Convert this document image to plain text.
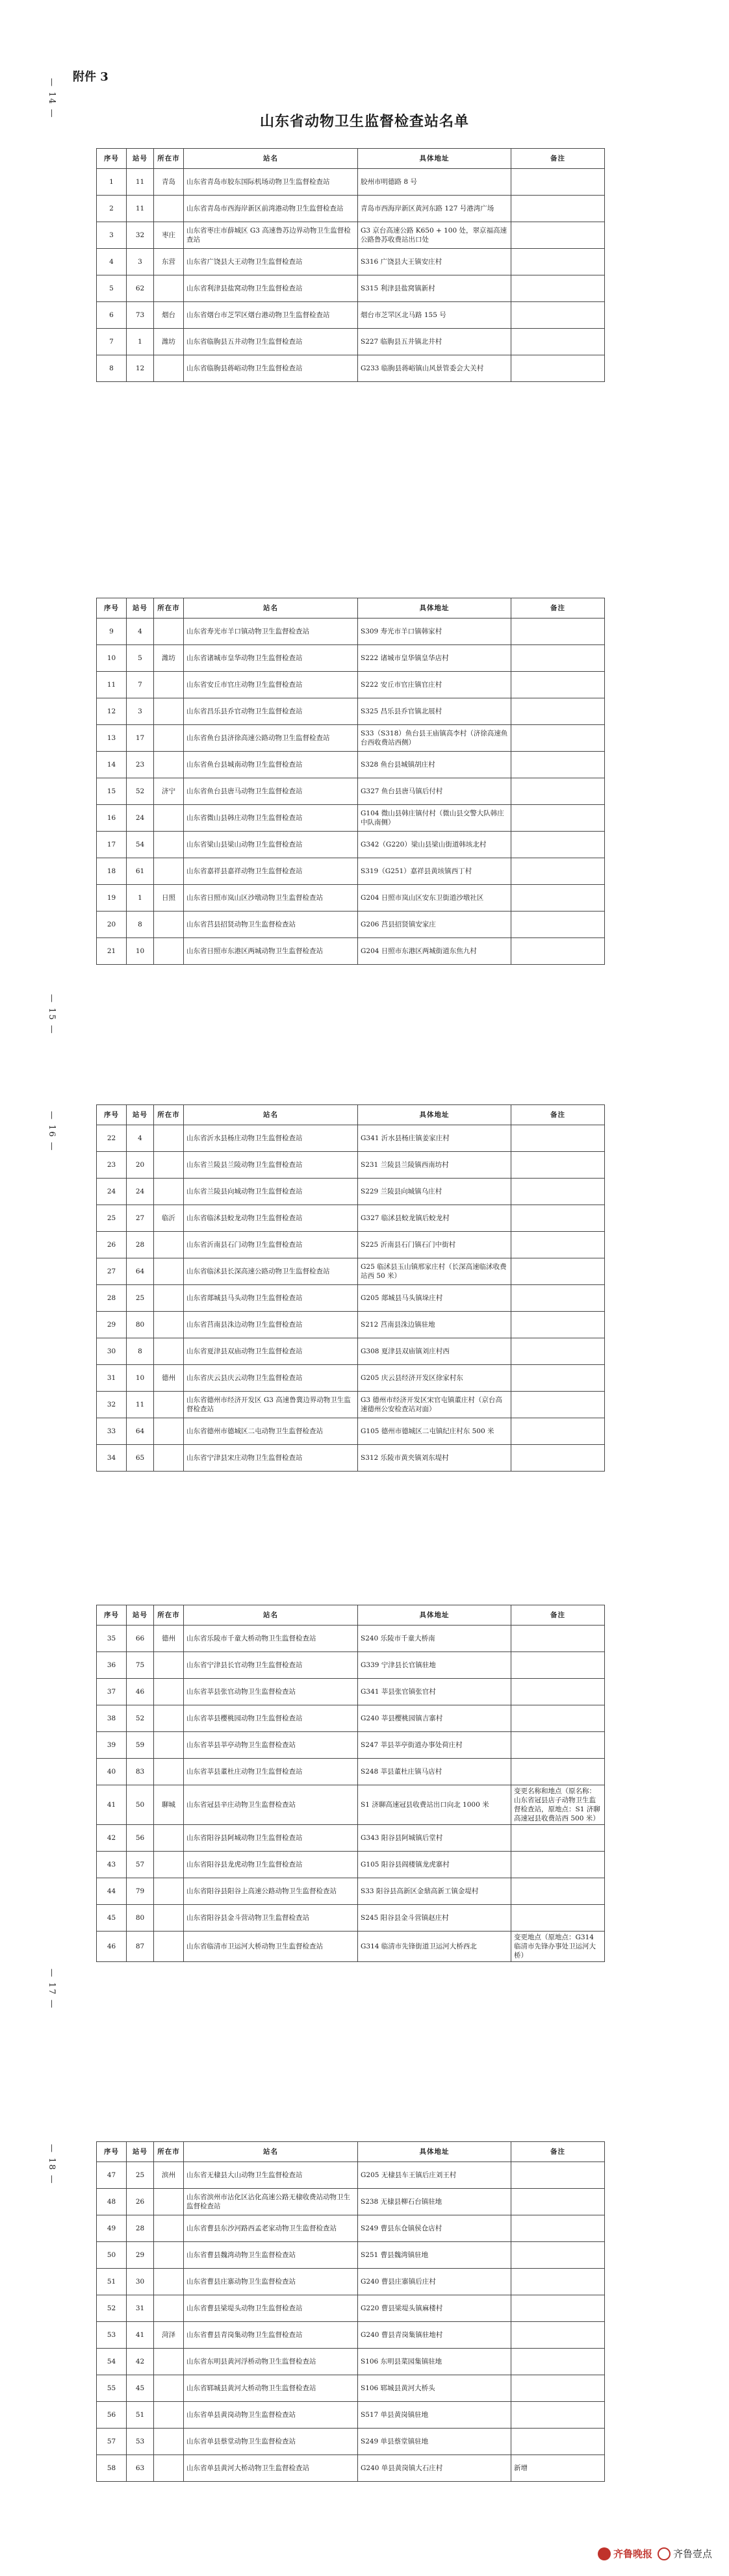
— 14 —
附件 3
山东省动物卫生监督检查站名单
序号	站号	所在市	站名	具体地址	备注
1	11	青岛	山东省青岛市胶东国际机场动物卫生监督检查站	胶州市明德路 8 号	
2	11		山东省青岛市西海岸新区前湾港动物卫生监督检查站	青岛市西海岸新区黄河东路 127 号港湾广场	
3	32	枣庄	山东省枣庄市薛城区 G3 高速鲁苏边界动物卫生监督检查站	G3 京台高速公路 K650 + 100 处，翠京福高速公路鲁苏收费站出口处	
4	3	东营	山东省广饶县大王动物卫生监督检查站	S316 广饶县大王镇安庄村	
5	62		山东省利津县盐窝动物卫生监督检查站	S315 利津县盐窝镇新村	
6	73	烟台	山东省烟台市芝罘区烟台港动物卫生监督检查站	烟台市芝罘区北马路 155 号	
7	1	潍坊	山东省临朐县五井动物卫生监督检查站	S227 临朐县五井镇北井村	
8	12		山东省临朐县蒋峪动物卫生监督检查站	G233 临朐县蒋峪镇山风景管委会大关村	
— 15 —
序号	站号	所在市	站名	具体地址	备注
9	4		山东省寿光市羊口镇动物卫生监督检查站	S309 寿光市羊口镇韩家村	
10	5	潍坊	山东省诸城市皇华动物卫生监督检查站	S222 诸城市皇华镇皇华店村	
11	7		山东省安丘市官庄动物卫生监督检查站	S222 安丘市官庄镇官庄村	
12	3		山东省昌乐县乔官动物卫生监督检查站	S325 昌乐县乔官镇北展村	
13	17		山东省鱼台县济徐高速公路动物卫生监督检查站	S33（S318）鱼台县王庙镇高李村（济徐高速鱼台西收费站西侧）	
14	23		山东省鱼台县城南动物卫生监督检查站	S328 鱼台县城镇胡庄村	
15	52	济宁	山东省鱼台县唐马动物卫生监督检查站	G327 鱼台县唐马镇后付村	
16	24		山东省微山县韩庄动物卫生监督检查站	G104 微山县韩庄镇付村（微山县交警大队韩庄中队南侧）	
17	54		山东省梁山县梁山动物卫生监督检查站	G342（G220）梁山县梁山街道韩垓北村	
18	61		山东省嘉祥县嘉祥动物卫生监督检查站	S319（G251）嘉祥县黄垓镇西丁村	
19	1	日照	山东省日照市岚山区沙墩动物卫生监督检查站	G204 日照市岚山区安东卫街道沙墩社区	
20	8		山东省莒县招贤动物卫生监督检查站	G206 莒县招贤镇安家庄	
21	10		山东省日照市东港区两城动物卫生监督检查站	G204 日照市东港区两城街道东焦九村	
— 16 —	序号	站号	所在市	站名	具体地址	备注
22	4		山东省沂水县杨庄动物卫生监督检查站	G341 沂水县杨庄镇姜家庄村	
23	20		山东省兰陵县兰陵动物卫生监督检查站	S231 兰陵县兰陵镇西南坊村	
24	24		山东省兰陵县向城动物卫生监督检查站	S229 兰陵县向城镇乌庄村	
25	27	临沂	山东省临沭县蛟龙动物卫生监督检查站	G327 临沭县蛟龙镇后蛟龙村	
26	28		山东省沂南县石门动物卫生监督检查站	S225 沂南县石门镇石门中街村	
27	64		山东省临沭县长深高速公路动物卫生监督检查站	G25 临沭县玉山镇邢家庄村（长深高速临沭收费站西 50 米）	
28	25		山东省郯城县马头动物卫生监督检查站	G205 郯城县马头镇垛庄村	
29	80		山东省莒南县洙边动物卫生监督检查站	S212 莒南县洙边镇驻地	
30	8		山东省夏津县双庙动物卫生监督检查站	G308 夏津县双庙镇刘庄村西	
31	10	德州	山东省庆云县庆云动物卫生监督检查站	G205 庆云县经济开发区徐家村东	
32	11		山东省德州市经济开发区 G3 高速鲁冀边界动物卫生监督检查站	G3 德州市经济开发区宋官屯镇董庄村（京台高速德州公安检查站对面）	
33	64		山东省德州市德城区二屯动物卫生监督检查站	G105 德州市德城区二屯镇纪庄村东 500 米	
34	65		山东省宁津县宋庄动物卫生监督检查站	S312 乐陵市黄夹镇刘东堤村	
— 17 —
序号	站号	所在市	站名	具体地址	备注
35	66	德州	山东省乐陵市千童大桥动物卫生监督检查站	S240 乐陵市千童大桥南	
36	75		山东省宁津县长官动物卫生监督检查站	G339 宁津县长官镇驻地	
37	46		山东省莘县张官动物卫生监督检查站	G341 莘县张官镇张官村	
38	52		山东省莘县樱桃园动物卫生监督检查站	G240 莘县樱桃园镇吉寨村	
39	59		山东省莘县莘亭动物卫生监督检查站	S247 莘县莘亭街道办事处荷庄村	
40	83		山东省莘县董杜庄动物卫生监督检查站	S248 莘县董杜庄镇马店村	
41	50	聊城	山东省冠县辛庄动物卫生监督检查站	S1 济聊高速冠县收费站出口向北 1000 米	变更名称和地点（原名称：山东省冠县店子动物卫生监督检查站，原地点：S1 济聊高速冠县收费站西 500 米）
42	56		山东省阳谷县阿城动物卫生监督检查站	G343 阳谷县阿城镇后堂村	
43	57		山东省阳谷县龙虎动物卫生监督检查站	G105 阳谷县阎楼镇龙虎寨村	
44	79		山东省阳谷县阳谷上高速公路动物卫生监督检查站	S33 阳谷县高新区金鼎高新工镇金堤村	
45	80		山东省阳谷县金斗营动物卫生监督检查站	S245 阳谷县金斗营镇赵庄村	
46	87		山东省临清市卫运河大桥动物卫生监督检查站	G314 临清市先锋街道卫运河大桥西北	变更地点（原地点：G314 临清市先锋办事处卫运河大桥）
— 18 —	序号	站号	所在市	站名	具体地址	备注
47	25	滨州	山东省无棣县大山动物卫生监督检查站	G205 无棣县车王镇后庄刘王村	
48	26		山东省滨州市沾化区沾化高速公路无棣收费站动物卫生监督检查站	S238 无棣县柳石台镇驻地	
49	28		山东省曹县东沙河路西孟老家动物卫生监督检查站	S249 曹县东仓镇侯仓店村	
50	29		山东省曹县魏湾动物卫生监督检查站	S251 曹县魏湾镇驻地	
51	30		山东省曹县庄寨动物卫生监督检查站	G240 曹县庄寨镇后庄村	
52	31		山东省曹县梁堤头动物卫生监督检查站	G220 曹县梁堤头镇麻楼村	
53	41	菏泽	山东省曹县青岗集动物卫生监督检查站	G240 曹县青岗集镇驻地村	
54	42		山东省东明县黄河浮桥动物卫生监督检查站	S106 东明县菜园集镇驻地	
55	45		山东省郓城县黄河大桥动物卫生监督检查站	S106 郓城县黄河大桥头	
56	51		山东省单县黄岗动物卫生监督检查站	S517 单县黄岗镇驻地	
57	53		山东省单县蔡堂动物卫生监督检查站	S249 单县蔡堂镇驻地	
58	63		山东省单县黄河大桥动物卫生监督检查站	G240 单县黄岗镇大石庄村	新增
齐鲁晚报 齐鲁壹点
